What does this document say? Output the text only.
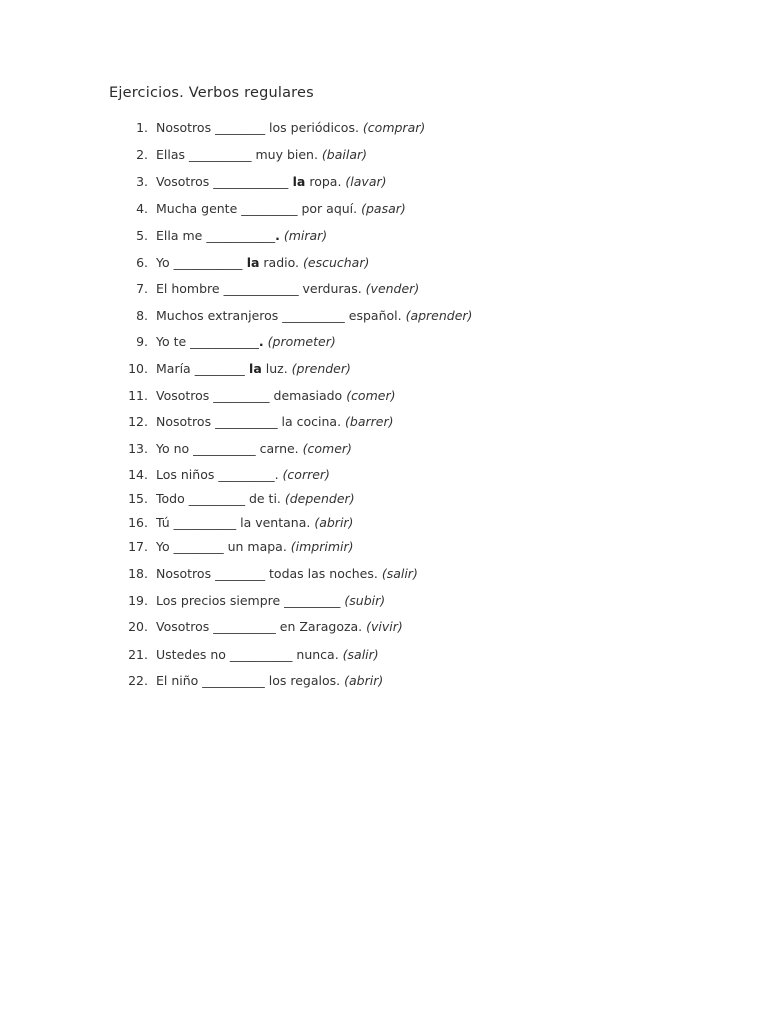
Ejercicios. Verbos regulares
1. Nosotros ________ los periódicos. (comprar)
2. Ellas __________ muy bien. (bailar)
3. Vosotros ____________ la ropa. (lavar)
4. Mucha gente _________ por aquí. (pasar)
5. Ella me ___________. (mirar)
6. Yo ___________ la radio. (escuchar)
7. El hombre ____________ verduras. (vender)
8. Muchos extranjeros __________ español. (aprender)
9. Yo te ___________. (prometer)
10. María ________ la luz. (prender)
11. Vosotros _________ demasiado (comer)
12. Nosotros __________ la cocina. (barrer)
13. Yo no __________ carne. (comer)
14. Los niños _________. (correr)
15. Todo _________ de ti. (depender)
16. Tú __________ la ventana. (abrir)
17. Yo ________ un mapa. (imprimir)
18. Nosotros ________ todas las noches. (salir)
19. Los precios siempre _________ (subir)
20. Vosotros __________ en Zaragoza. (vivir)
21. Ustedes no __________ nunca. (salir)
22. El niño __________ los regalos. (abrir)
